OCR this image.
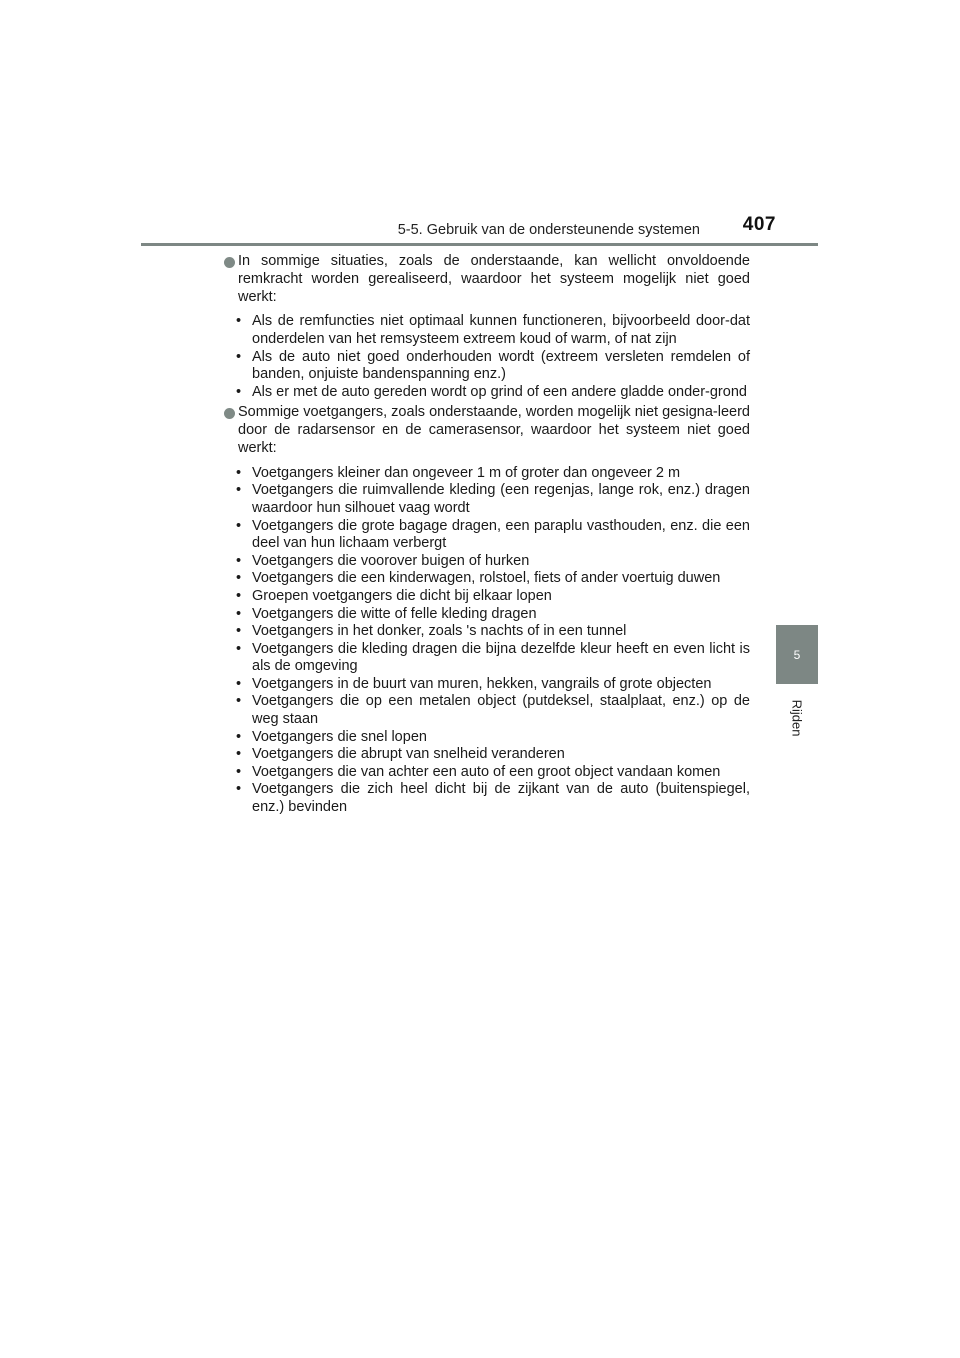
5-5. Gebruik van de ondersteunende systemen	407
5
Rijden
In sommige situaties, zoals de onderstaande, kan wellicht onvoldoende remkracht worden gerealiseerd, waardoor het systeem mogelijk niet goed werkt:
• Als de remfuncties niet optimaal kunnen functioneren, bijvoorbeeld door-dat onderdelen van het remsysteem extreem koud of warm, of nat zijn
• Als de auto niet goed onderhouden wordt (extreem versleten remdelen of banden, onjuiste bandenspanning enz.)
• Als er met de auto gereden wordt op grind of een andere gladde onder-grond
Sommige voetgangers, zoals onderstaande, worden mogelijk niet gesigna-leerd door de radarsensor en de camerasensor, waardoor het systeem niet goed werkt:
• Voetgangers kleiner dan ongeveer 1 m of groter dan ongeveer 2 m
• Voetgangers die ruimvallende kleding (een regenjas, lange rok, enz.) dragen waardoor hun silhouet vaag wordt
• Voetgangers die grote bagage dragen, een paraplu vasthouden, enz. die een deel van hun lichaam verbergt
• Voetgangers die voorover buigen of hurken
• Voetgangers die een kinderwagen, rolstoel, fiets of ander voertuig duwen
• Groepen voetgangers die dicht bij elkaar lopen
• Voetgangers die witte of felle kleding dragen
• Voetgangers in het donker, zoals 's nachts of in een tunnel
• Voetgangers die kleding dragen die bijna dezelfde kleur heeft en even licht is als de omgeving
• Voetgangers in de buurt van muren, hekken, vangrails of grote objecten
• Voetgangers die op een metalen object (putdeksel, staalplaat, enz.) op de weg staan
• Voetgangers die snel lopen
• Voetgangers die abrupt van snelheid veranderen
• Voetgangers die van achter een auto of een groot object vandaan komen
• Voetgangers die zich heel dicht bij de zijkant van de auto (buitenspiegel, enz.) bevinden
